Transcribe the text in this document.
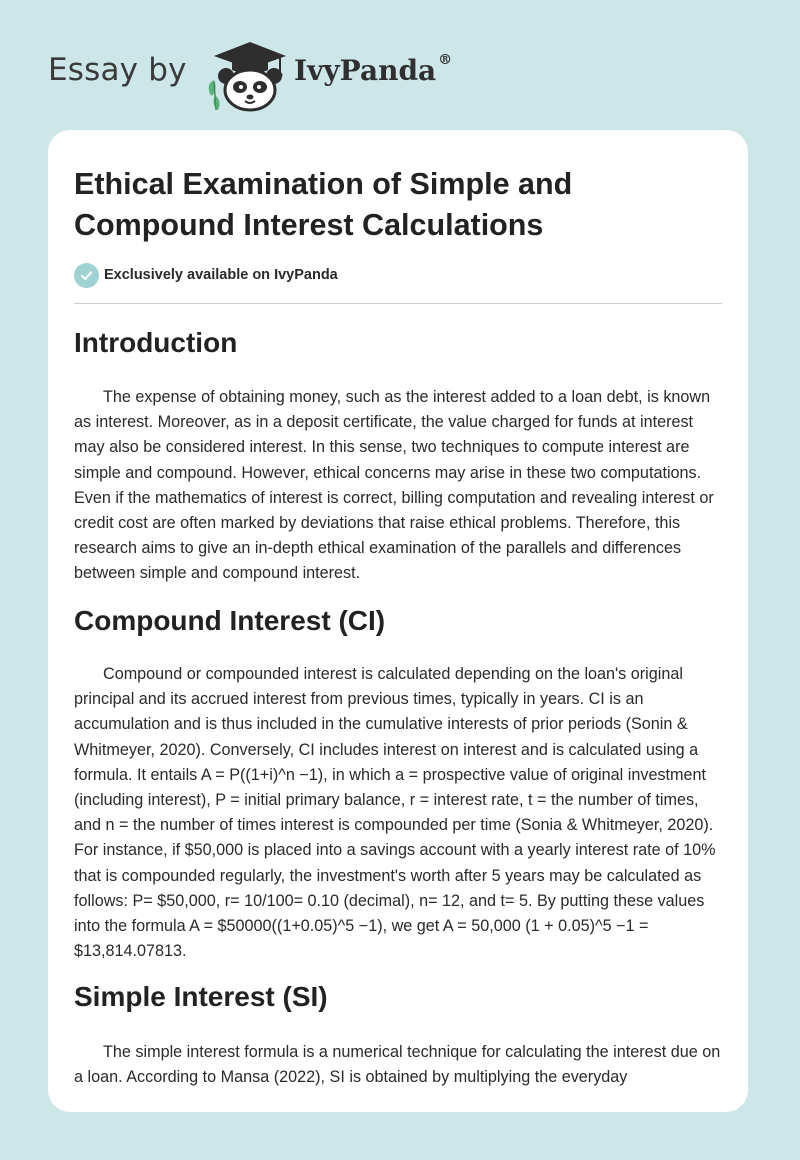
Essay by	IvyPanda ®
Ethical Examination of Simple and Compound Interest Calculations
Exclusively available on IvyPanda
Introduction

The expense of obtaining money, such as the interest added to a loan debt, is known as interest. Moreover, as in a deposit certificate, the value charged for funds at interest may also be considered interest. In this sense, two techniques to compute interest are simple and compound. However, ethical concerns may arise in these two computations. Even if the mathematics of interest is correct, billing computation and revealing interest or credit cost are often marked by deviations that raise ethical problems. Therefore, this research aims to give an in-depth ethical examination of the parallels and differences between simple and compound interest.

Compound Interest (CI)

Compound or compounded interest is calculated depending on the loan's original principal and its accrued interest from previous times, typically in years. CI is an accumulation and is thus included in the cumulative interests of prior periods (Sonin & Whitmeyer, 2020). Conversely, CI includes interest on interest and is calculated using a formula. It entails A = P((1+i)^n −1), in which a = prospective value of original investment (including interest), P = initial primary balance, r = interest rate, t = the number of times, and n = the number of times interest is compounded per time (Sonia & Whitmeyer, 2020). For instance, if $50,000 is placed into a savings account with a yearly interest rate of 10% that is compounded regularly, the investment's worth after 5 years may be calculated as follows: P= $50,000, r= 10/100= 0.10 (decimal), n= 12, and t= 5. By putting these values into the formula A = $50000((1+0.05)^5 −1), we get A = 50,000 (1 + 0.05)^5 −1 = $13,814.07813.

Simple Interest (SI)

The simple interest formula is a numerical technique for calculating the interest due on a loan. According to Mansa (2022), SI is obtained by multiplying the everyday
